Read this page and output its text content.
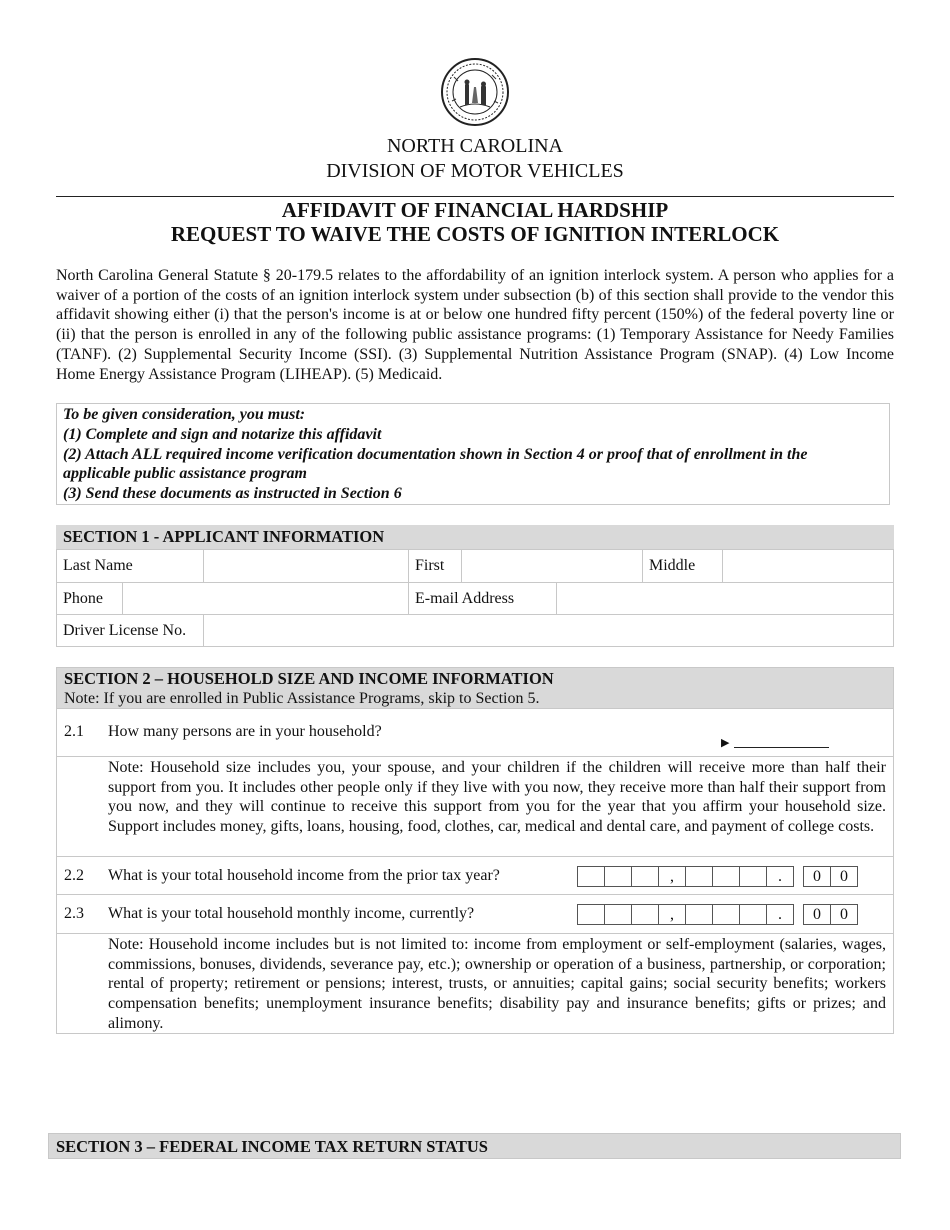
NORTH CAROLINA
DIVISION OF MOTOR VEHICLES
AFFIDAVIT OF FINANCIAL HARDSHIP
REQUEST TO WAIVE THE COSTS OF IGNITION INTERLOCK

North Carolina General Statute § 20-179.5 relates to the affordability of an ignition interlock system. A person who applies for a waiver of a portion of the costs of an ignition interlock system under subsection (b) of this section shall provide to the vendor this affidavit showing either (i) that the person's income is at or below one hundred fifty percent (150%) of the federal poverty line or (ii) that the person is enrolled in any of the following public assistance programs: (1) Temporary Assistance for Needy Families (TANF). (2) Supplemental Security Income (SSI). (3) Supplemental Nutrition Assistance Program (SNAP). (4) Low Income Home Energy Assistance Program (LIHEAP). (5) Medicaid.

To be given consideration, you must:
(1) Complete and sign and notarize this affidavit
(2) Attach ALL required income verification documentation shown in Section 4 or proof that of enrollment in the
applicable public assistance program
(3) Send these documents as instructed in Section 6
SECTION 1 - APPLICANT INFORMATION
Last Name		First		Middle	
Phone		E-mail Address	
Driver License No.	
SECTION 2 – HOUSEHOLD SIZE AND INCOME INFORMATION
Note: If you are enrolled in Public Assistance Programs, skip to Section 5.
2.1 How many persons are in your household?
▶
Note: Household size includes you, your spouse, and your children if the children will receive more than half their support from you. It includes other people only if they live with you now, they receive more than half their support from you now, and they will continue to receive this support from you for the year that you affirm your household size. Support includes money, gifts, loans, housing, food, clothes, car, medical and dental care, and payment of college costs.
2.2 What is your total household income from the prior tax year?	,	.	0	0
2.3 What is your total household monthly income, currently?	,	.	0	0
Note: Household income includes but is not limited to: income from employment or self-employment (salaries, wages, commissions, bonuses, dividends, severance pay, etc.); ownership or operation of a business, partnership, or corporation; rental of property; retirement or pensions; interest, trusts, or annuities; capital gains; social security benefits; workers compensation benefits; unemployment insurance benefits; disability pay and insurance benefits; gifts or prizes; and alimony.
SECTION 3 – FEDERAL INCOME TAX RETURN STATUS
